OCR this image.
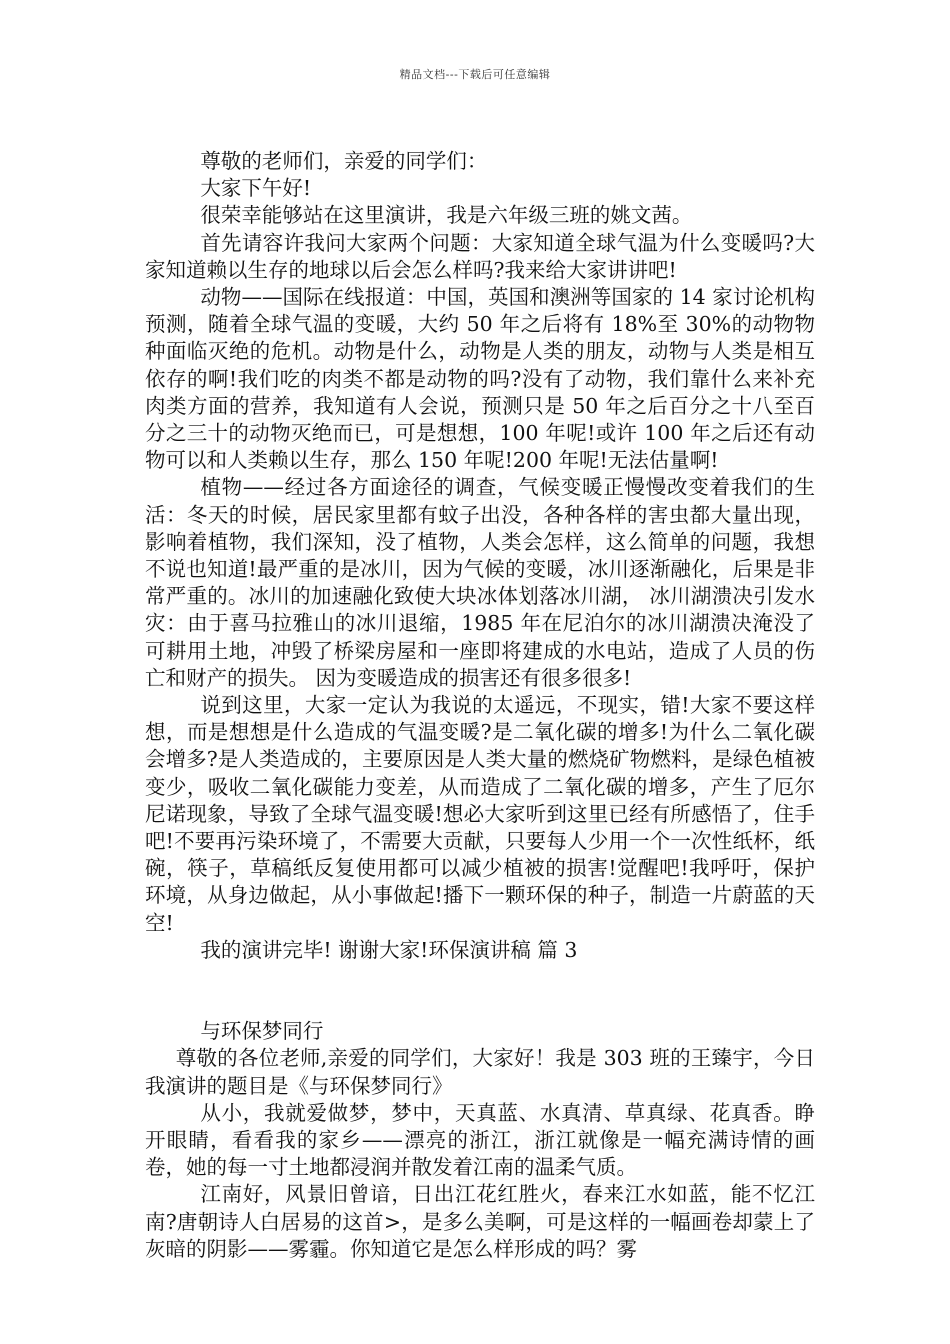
精品文档---下载后可任意编辑

尊敬的老师们，亲爱的同学们：

大家下午好!

很荣幸能够站在这里演讲，我是六年级三班的姚文茜。

首先请容许我问大家两个问题：大家知道全球气温为什么变暖吗?大家知道赖以生存的地球以后会怎么样吗?我来给大家讲讲吧!

动物——国际在线报道：中国，英国和澳洲等国家的 14 家讨论机构预测，随着全球气温的变暖，大约 50 年之后将有 18%至 30%的动物物种面临灭绝的危机。动物是什么，动物是人类的朋友，动物与人类是相互依存的啊!我们吃的肉类不都是动物的吗?没有了动物，我们靠什么来补充肉类方面的营养，我知道有人会说，预测只是 50 年之后百分之十八至百分之三十的动物灭绝而已，可是想想，100 年呢!或许 100 年之后还有动物可以和人类赖以生存，那么 150 年呢!200 年呢!无法估量啊!

植物——经过各方面途径的调查，气候变暖正慢慢改变着我们的生活：冬天的时候，居民家里都有蚊子出没，各种各样的害虫都大量出现，影响着植物，我们深知，没了植物，人类会怎样，这么简单的问题，我想不说也知道!最严重的是冰川，因为气候的变暖，冰川逐渐融化，后果是非常严重的。冰川的加速融化致使大块冰体划落冰川湖， 冰川湖溃决引发水灾：由于喜马拉雅山的冰川退缩，1985 年在尼泊尔的冰川湖溃决淹没了可耕用土地，冲毁了桥梁房屋和一座即将建成的水电站，造成了人员的伤亡和财产的损失。 因为变暖造成的损害还有很多很多!

说到这里，大家一定认为我说的太遥远，不现实，错!大家不要这样想，而是想想是什么造成的气温变暖?是二氧化碳的增多!为什么二氧化碳会增多?是人类造成的，主要原因是人类大量的燃烧矿物燃料，是绿色植被变少，吸收二氧化碳能力变差，从而造成了二氧化碳的增多，产生了厄尔尼诺现象，导致了全球气温变暖!想必大家听到这里已经有所感悟了，住手吧!不要再污染环境了，不需要大贡献，只要每人少用一个一次性纸杯，纸碗，筷子，草稿纸反复使用都可以减少植被的损害!觉醒吧!我呼吁，保护环境，从身边做起，从小事做起!播下一颗环保的种子，制造一片蔚蓝的天空!

我的演讲完毕! 谢谢大家!环保演讲稿 篇 3

与环保梦同行

尊敬的各位老师,亲爱的同学们，大家好！我是 303 班的王臻宇，今日我演讲的题目是《与环保梦同行》

从小，我就爱做梦，梦中，天真蓝、水真清、草真绿、花真香。睁开眼睛，看看我的家乡——漂亮的浙江，浙江就像是一幅充满诗情的画卷，她的每一寸土地都浸润并散发着江南的温柔气质。

江南好，风景旧曾谙，日出江花红胜火，春来江水如蓝，能不忆江南?唐朝诗人白居易的这首>，是多么美啊，可是这样的一幅画卷却蒙上了灰暗的阴影——雾霾。你知道它是怎么样形成的吗？雾
